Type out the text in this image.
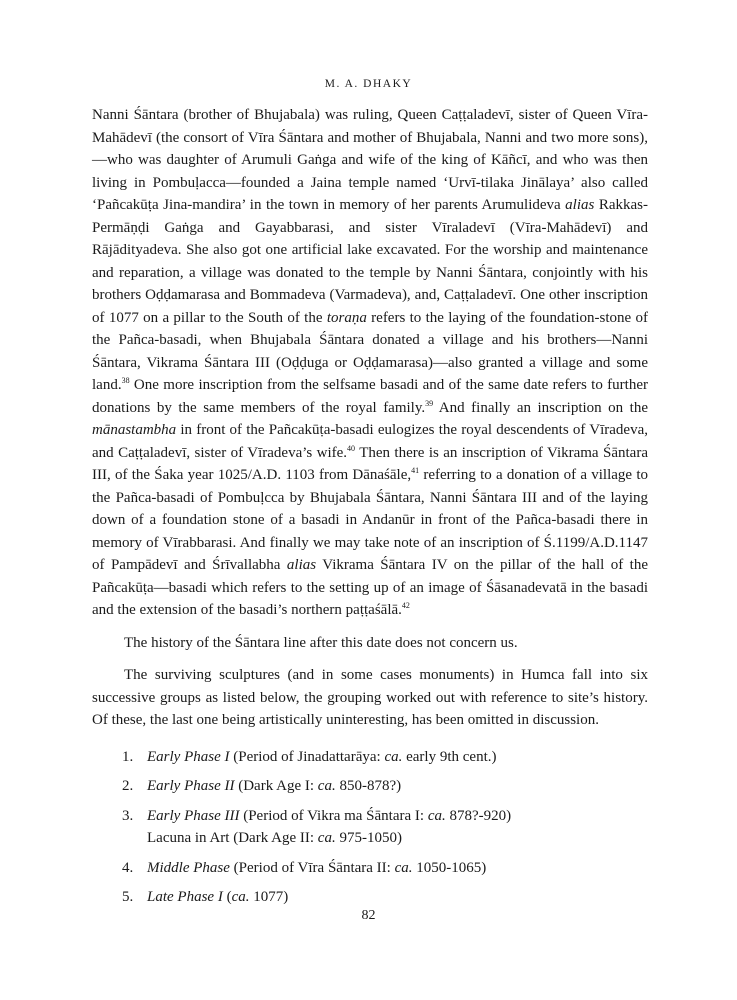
M. A. DHAKY

Nanni Śāntara (brother of Bhujabala) was ruling, Queen Caṭṭaladevī, sister of Queen Vīra-Mahādevī (the consort of Vīra Śāntara and mother of Bhujabala, Nanni and two more sons),—who was daughter of Arumuli Gaṅga and wife of the king of Kāñcī, and who was then living in Pombuḷacca—founded a Jaina temple named ‘Urvī-tilaka Jinālaya’ also called ‘Pañcakūṭa Jina-mandira’ in the town in memory of her parents Arumulideva alias Rakkas-Permāṇḍi Gaṅga and Gayabbarasi, and sister Vīraladevī (Vīra-Mahādevī) and Rājādityadeva. She also got one artificial lake excavated. For the worship and maintenance and reparation, a village was donated to the temple by Nanni Śāntara, conjointly with his brothers Oḍḍamarasa and Bommadeva (Varmadeva), and, Caṭṭaladevī. One other inscription of 1077 on a pillar to the South of the toraṇa refers to the laying of the foundation-stone of the Pañca-basadi, when Bhujabala Śāntara donated a village and his brothers—Nanni Śāntara, Vikrama Śāntara III (Oḍḍuga or Oḍḍamarasa)—also granted a village and some land.$^{38}$ One more inscription from the selfsame basadi and of the same date refers to further donations by the same members of the royal family.$^{39}$ And finally an inscription on the mānastambha in front of the Pañcakūṭa-basadi eulogizes the royal descendents of Vīradeva, and Caṭṭaladevī, sister of Vīradeva’s wife.$^{40}$ Then there is an inscription of Vikrama Śāntara III, of the Śaka year 1025/A.D. 1103 from Dānaśāle,$^{41}$ referring to a donation of a village to the Pañca-basadi of Pombuḷcca by Bhujabala Śāntara, Nanni Śāntara III and of the laying down of a foundation stone of a basadi in Andanūr in front of the Pañca-basadi there in memory of Vīrabbarasi. And finally we may take note of an inscription of Ś.1199/A.D.1147 of Pampādevī and Śrīvallabha alias Vikrama Śāntara IV on the pillar of the hall of the Pañcakūṭa—basadi which refers to the setting up of an image of Śāsanadevatā in the basadi and the extension of the basadi’s northern paṭṭaśālā.$^{42}$

The history of the Śāntara line after this date does not concern us.

The surviving sculptures (and in some cases monuments) in Humca fall into six successive groups as listed below, the grouping worked out with reference to site’s history. Of these, the last one being artistically uninteresting, has been omitted in discussion.

1. Early Phase I (Period of Jinadattarāya: ca. early 9th cent.)
2. Early Phase II (Dark Age I: ca. 850-878?)
3. Early Phase III (Period of Vikra ma Śāntara I: ca. 878?-920)
Lacuna in Art (Dark Age II: ca. 975-1050)
4. Middle Phase (Period of Vīra Śāntara II: ca. 1050-1065)
5. Late Phase I (ca. 1077)
82
